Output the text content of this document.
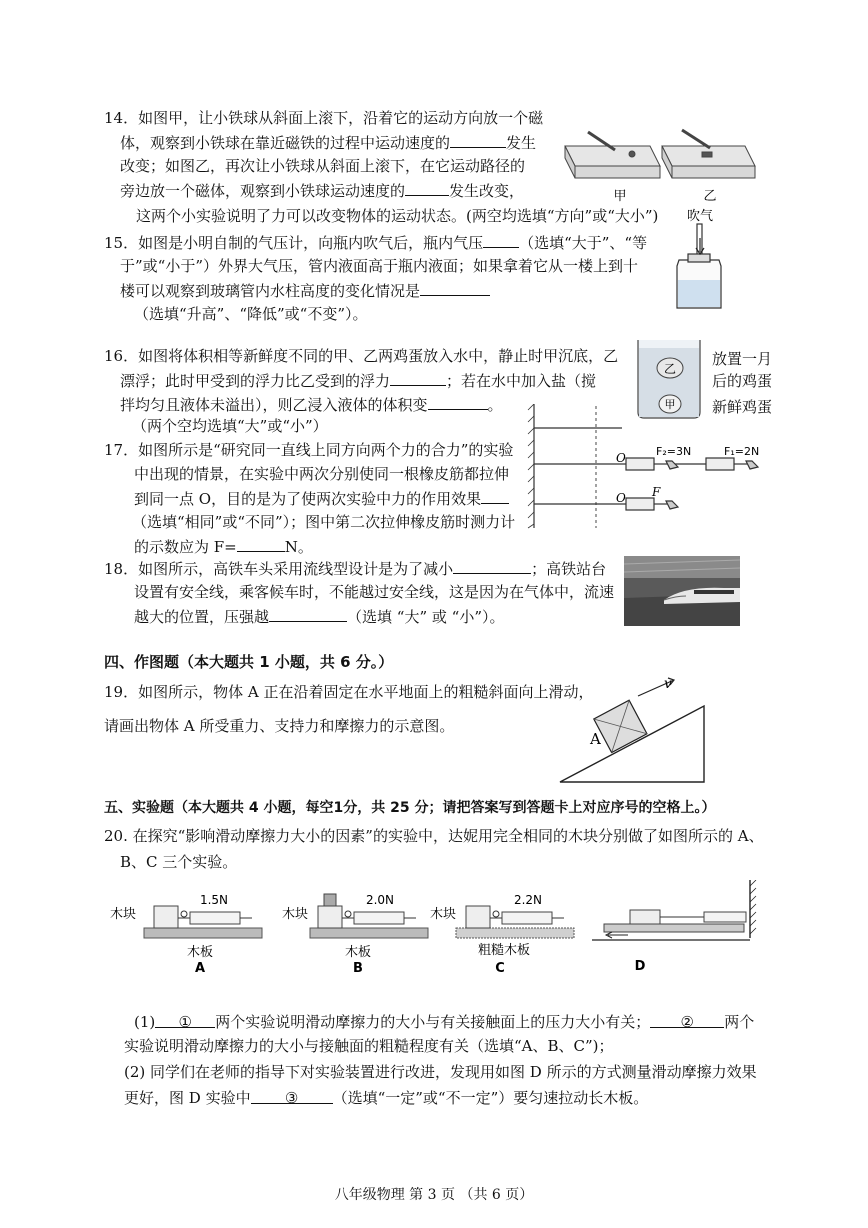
14．如图甲，让小铁球从斜面上滚下，沿着它的运动方向放一个磁
体，观察到小铁球在靠近磁铁的过程中运动速度的	发生
改变；如图乙，再次让小铁球从斜面上滚下，在它运动路径的
旁边放一个磁体，观察到小铁球运动速度的	发生改变，
这两个小实验说明了力可以改变物体的运动状态。(两空均选填“方向”或“大小”)
甲	乙
15．如图是小明自制的气压计，向瓶内吹气后，瓶内气压 （选填“大于”、“等
于”或“小于”）外界大气压，管内液面高于瓶内液面；如果拿着它从一楼上到十
楼可以观察到玻璃管内水柱高度的变化情况是
（选填“升高”、“降低”或“不变”）。
吹气
16．如图将体积相等新鲜度不同的甲、乙两鸡蛋放入水中，静止时甲沉底，乙
漂浮；此时甲受到的浮力比乙受到的浮力	；若在水中加入盐（搅
拌均匀且液体未溢出），则乙浸入液体的体积变	。
（两个空均选填“大”或“小”）
乙
甲
放置一月
后的鸡蛋
新鲜鸡蛋
17．如图所示是“研究同一直线上同方向两个力的合力”的实验
中出现的情景，在实验中两次分别使同一根橡皮筋都拉伸
到同一点 O，目的是为了使两次实验中力的作用效果
（选填“相同”或“不同”）；图中第二次拉伸橡皮筋时测力计
的示数应为 F=	N。
O
O
F₂=3N	F₁=2N
F
18．如图所示，高铁车头采用流线型设计是为了减小	；高铁站台
设置有安全线，乘客候车时，不能越过安全线，这是因为在气体中，流速
越大的位置，压强越	（选填 “大” 或 “小”）。
四、作图题（本大题共 1 小题，共 6 分。）
19．如图所示，物体 A 正在沿着固定在水平地面上的粗糙斜面向上滑动，
请画出物体 A 所受重力、支持力和摩擦力的示意图。
v
A
五、实验题（本大题共 4 小题，每空1分，共 25 分；请把答案写到答题卡上对应序号的空格上。）
20. 在探究“影响滑动摩擦力大小的因素”的实验中，达妮用完全相同的木块分别做了如图所示的 A、
B、C 三个实验。
1.5N
木块
木板
A
2.0N
木块
木板
B
2.2N
木块
粗糙木板
C	D
(1) ① 两个实验说明滑动摩擦力的大小与有关接触面上的压力大小有关； ② 两个
实验说明滑动摩擦力的大小与接触面的粗糙程度有关（选填“A、B、C”)；
(2) 同学们在老师的指导下对实验装置进行改进，发现用如图 D 所示的方式测量滑动摩擦力效果
更好，图 D 实验中 ③ （选填“一定”或“不一定”）要匀速拉动长木板。
八年级物理 第 3 页 （共 6 页）
